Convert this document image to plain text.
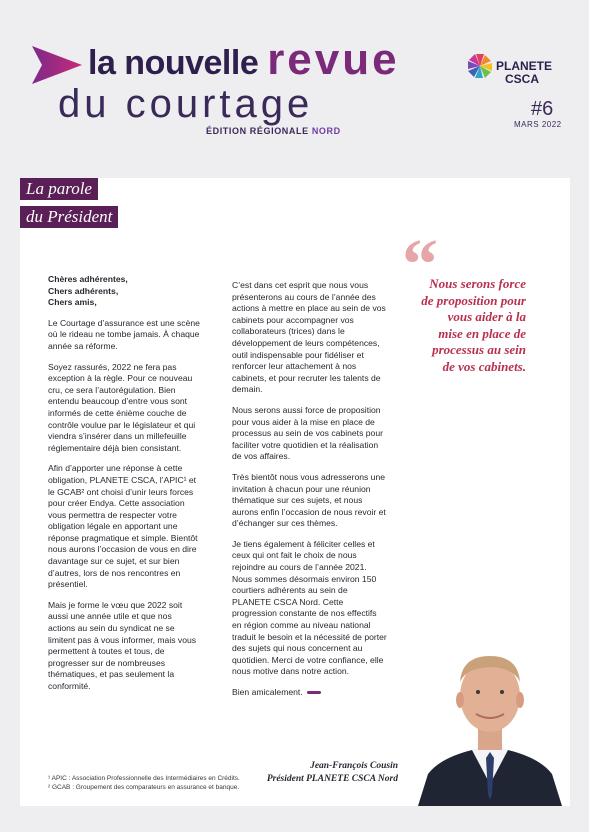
la nouvelle revue
du courtage
ÉDITION RÉGIONALE NORD
PLANETE
CSCA
#6
MARS 2022
La parole
du Président

Chères adhérentes,
Chers adhérents,
Chers amis,

Le Courtage d’assurance est une scène où le rideau ne tombe jamais. À chaque année sa réforme.

Soyez rassurés, 2022 ne fera pas exception à la règle. Pour ce nouveau cru, ce sera l’autorégulation. Bien entendu beaucoup d’entre vous sont informés de cette énième couche de contrôle voulue par le législateur et qui viendra s’insérer dans un millefeuille réglementaire déjà bien consistant.

Afin d’apporter une réponse à cette obligation, PLANETE CSCA, l’APIC¹ et le GCAB² ont choisi d’unir leurs forces pour créer Endya. Cette association vous permettra de respecter votre obligation légale en apportant une réponse pragmatique et simple. Bientôt nous aurons l’occasion de vous en dire davantage sur ce sujet, et sur bien d’autres, lors de nos rencontres en présentiel.

Mais je forme le vœu que 2022 soit aussi une année utile et que nos actions au sein du syndicat ne se limitent pas à vous informer, mais vous permettent à toutes et tous, de progresser sur de nombreuses thématiques, et pas seulement la conformité.

C’est dans cet esprit que nous vous présenterons au cours de l’année des actions à mettre en place au sein de vos cabinets pour accompagner vos collaborateurs (trices) dans le développement de leurs compétences, outil indispensable pour fidéliser et renforcer leur attachement à nos cabinets, et pour recruter les talents de demain.

Nous serons aussi force de proposition pour vous aider à la mise en place de processus au sein de vos cabinets pour faciliter votre quotidien et la réalisation de vos affaires.

Très bientôt nous vous adresserons une invitation à chacun pour une réunion thématique sur ces sujets, et nous aurons enfin l’occasion de nous revoir et d’échanger sur ces thèmes.

Je tiens également à féliciter celles et ceux qui ont fait le choix de nous rejoindre au cours de l’année 2021. Nous sommes désormais environ 150 courtiers adhérents au sein de PLANETE CSCA Nord. Cette progression constante de nos effectifs en région comme au niveau national traduit le besoin et la nécessité de porter des sujets qui nous concernent au quotidien. Merci de votre confiance, elle nous motive dans notre action.

Bien amicalement.

“
Nous serons force de proposition pour vous aider à la mise en place de processus au sein de vos cabinets.
Jean-François Cousin
Président PLANETE CSCA Nord
¹ APIC : Association Professionnelle des Intermédiaires en Crédits.
² GCAB : Groupement des comparateurs en assurance et banque.
